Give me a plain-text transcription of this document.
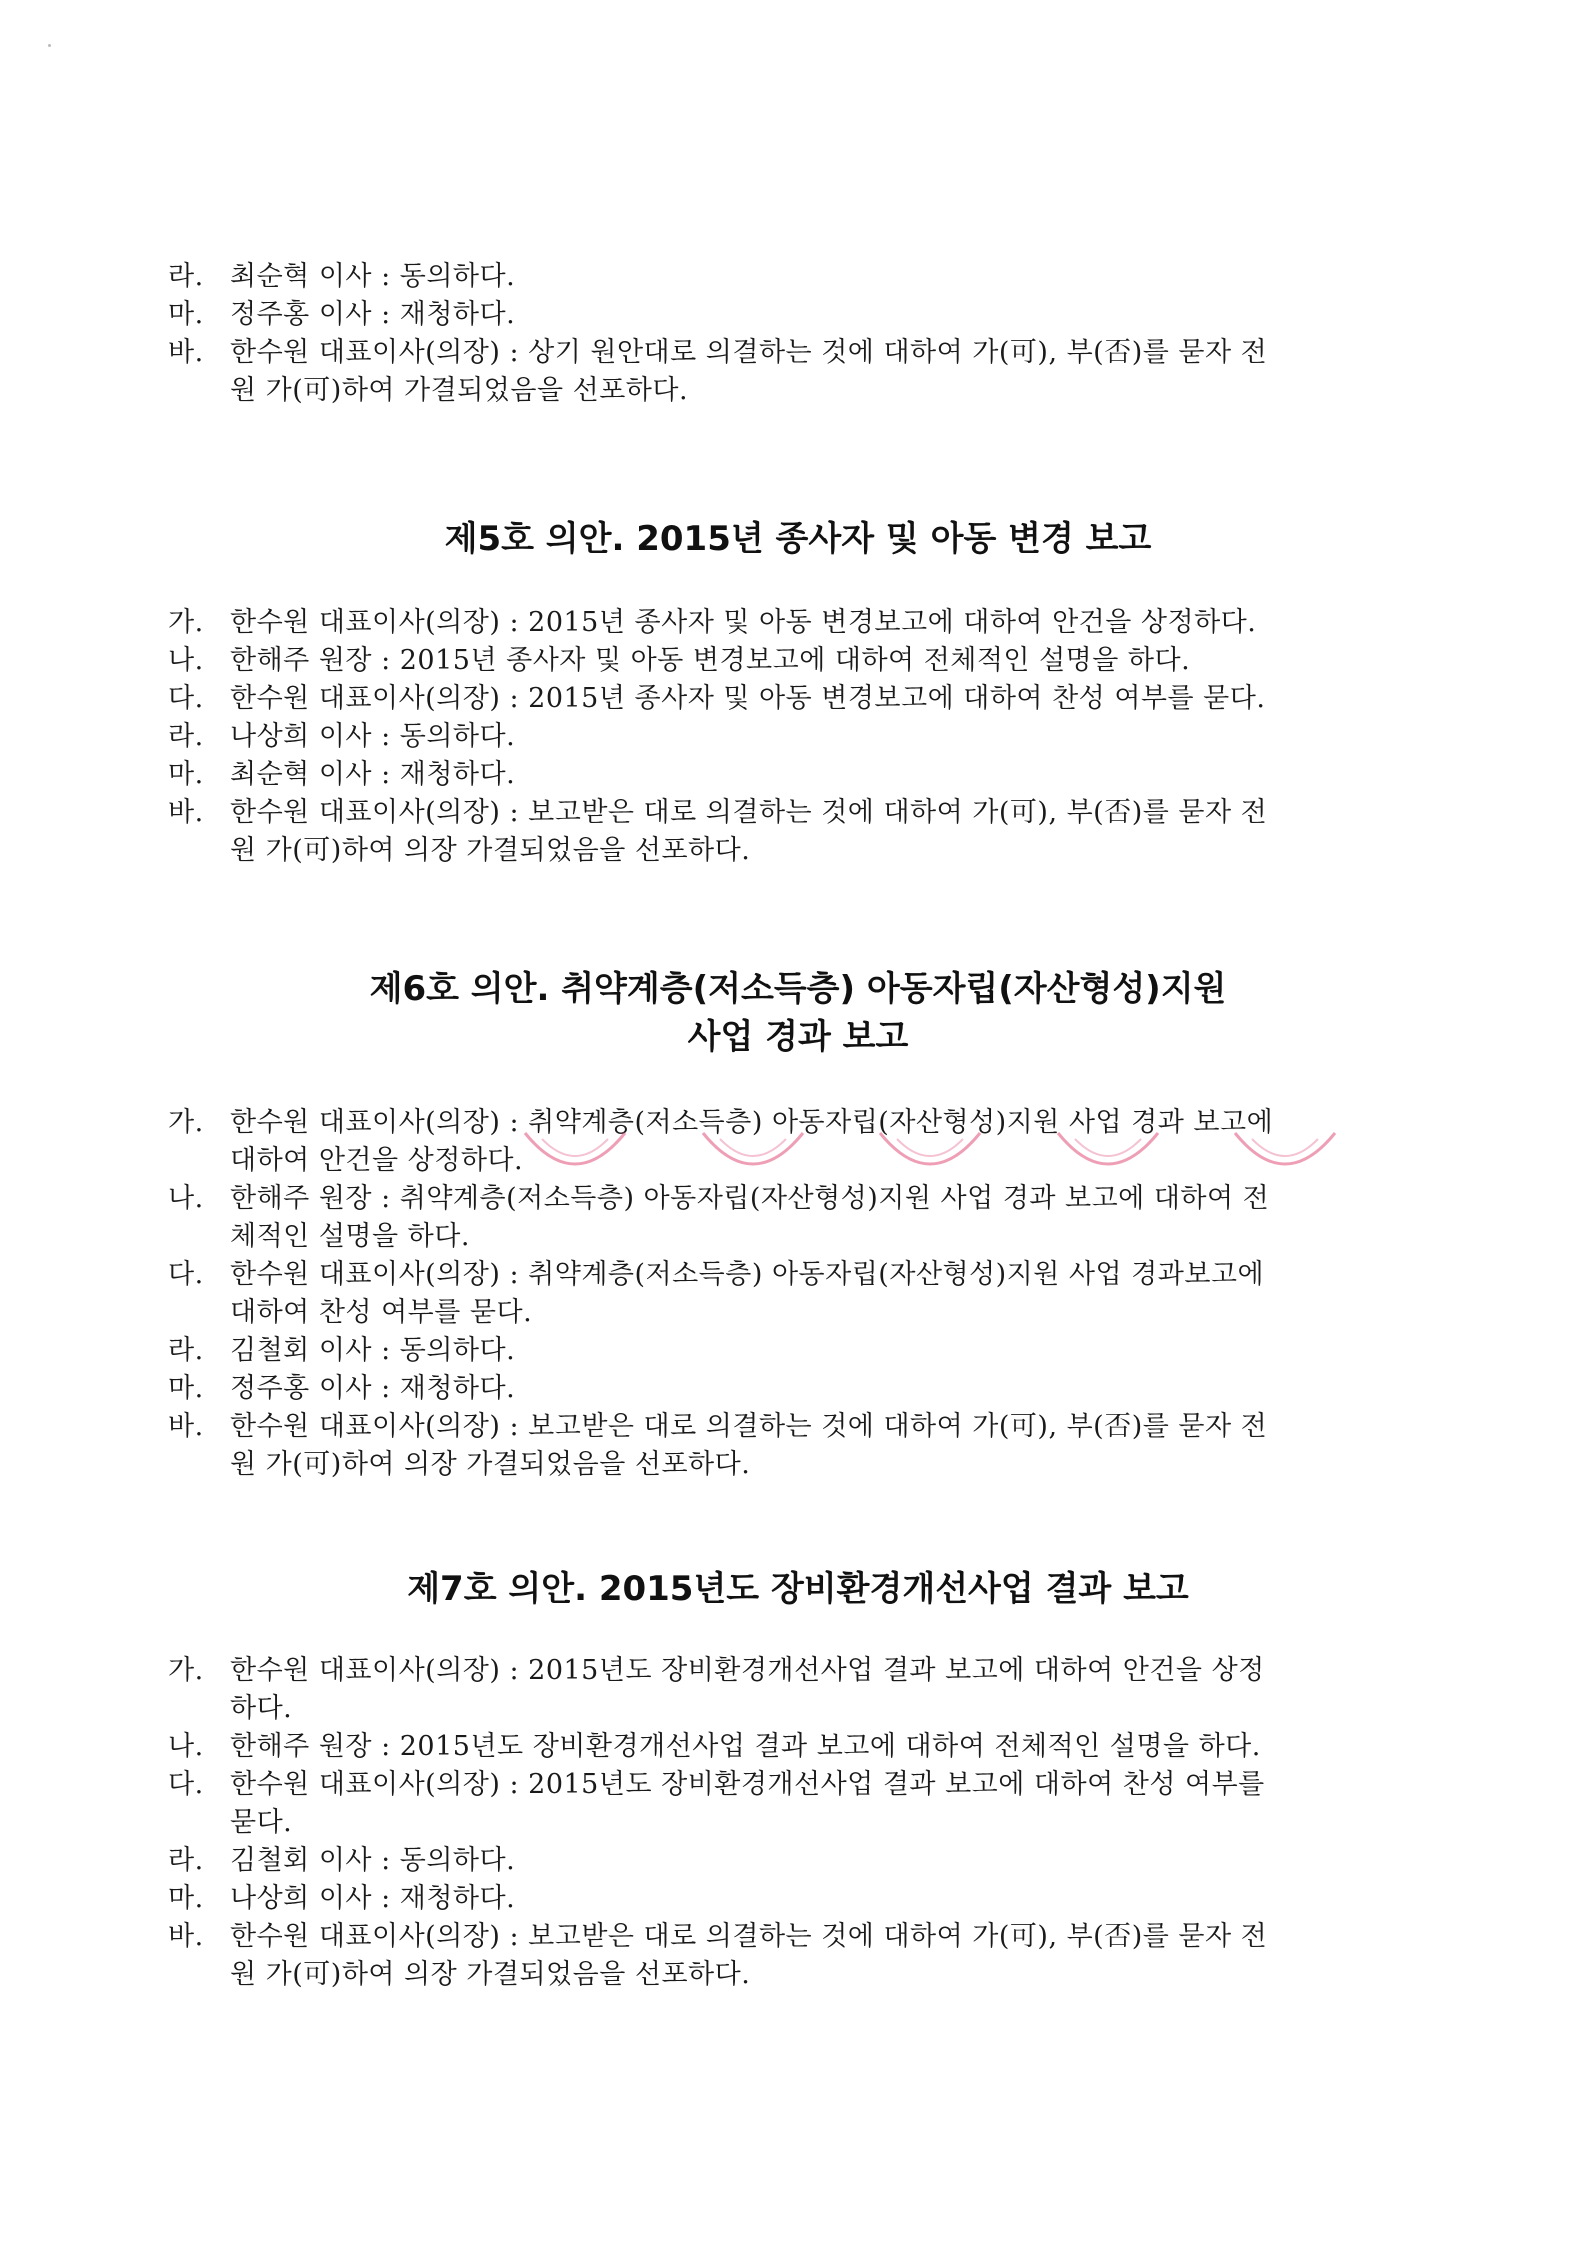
라. 최순혁 이사 : 동의하다.
마. 정주홍 이사 : 재청하다.
바. 한수원 대표이사(의장) : 상기 원안대로 의결하는 것에 대하여 가(可), 부(否)를 묻자 전
원 가(可)하여 가결되었음을 선포하다.
제5호 의안. 2015년 종사자 및 아동 변경 보고
가. 한수원 대표이사(의장) : 2015년 종사자 및 아동 변경보고에 대하여 안건을 상정하다.
나. 한해주 원장 : 2015년 종사자 및 아동 변경보고에 대하여 전체적인 설명을 하다.
다. 한수원 대표이사(의장) : 2015년 종사자 및 아동 변경보고에 대하여 찬성 여부를 묻다.
라. 나상희 이사 : 동의하다.
마. 최순혁 이사 : 재청하다.
바. 한수원 대표이사(의장) : 보고받은 대로 의결하는 것에 대하여 가(可), 부(否)를 묻자 전
원 가(可)하여 의장 가결되었음을 선포하다.
제6호 의안. 취약계층(저소득층) 아동자립(자산형성)지원
사업 경과 보고
가. 한수원 대표이사(의장) : 취약계층(저소득층) 아동자립(자산형성)지원 사업 경과 보고에
대하여 안건을 상정하다.
나. 한해주 원장 : 취약계층(저소득층) 아동자립(자산형성)지원 사업 경과 보고에 대하여 전
체적인 설명을 하다.
다. 한수원 대표이사(의장) : 취약계층(저소득층) 아동자립(자산형성)지원 사업 경과보고에
대하여 찬성 여부를 묻다.
라. 김철회 이사 : 동의하다.
마. 정주홍 이사 : 재청하다.
바. 한수원 대표이사(의장) : 보고받은 대로 의결하는 것에 대하여 가(可), 부(否)를 묻자 전
원 가(可)하여 의장 가결되었음을 선포하다.
제7호 의안. 2015년도 장비환경개선사업 결과 보고
가. 한수원 대표이사(의장) : 2015년도 장비환경개선사업 결과 보고에 대하여 안건을 상정
하다.
나. 한해주 원장 : 2015년도 장비환경개선사업 결과 보고에 대하여 전체적인 설명을 하다.
다. 한수원 대표이사(의장) : 2015년도 장비환경개선사업 결과 보고에 대하여 찬성 여부를
묻다.
라. 김철회 이사 : 동의하다.
마. 나상희 이사 : 재청하다.
바. 한수원 대표이사(의장) : 보고받은 대로 의결하는 것에 대하여 가(可), 부(否)를 묻자 전
원 가(可)하여 의장 가결되었음을 선포하다.
